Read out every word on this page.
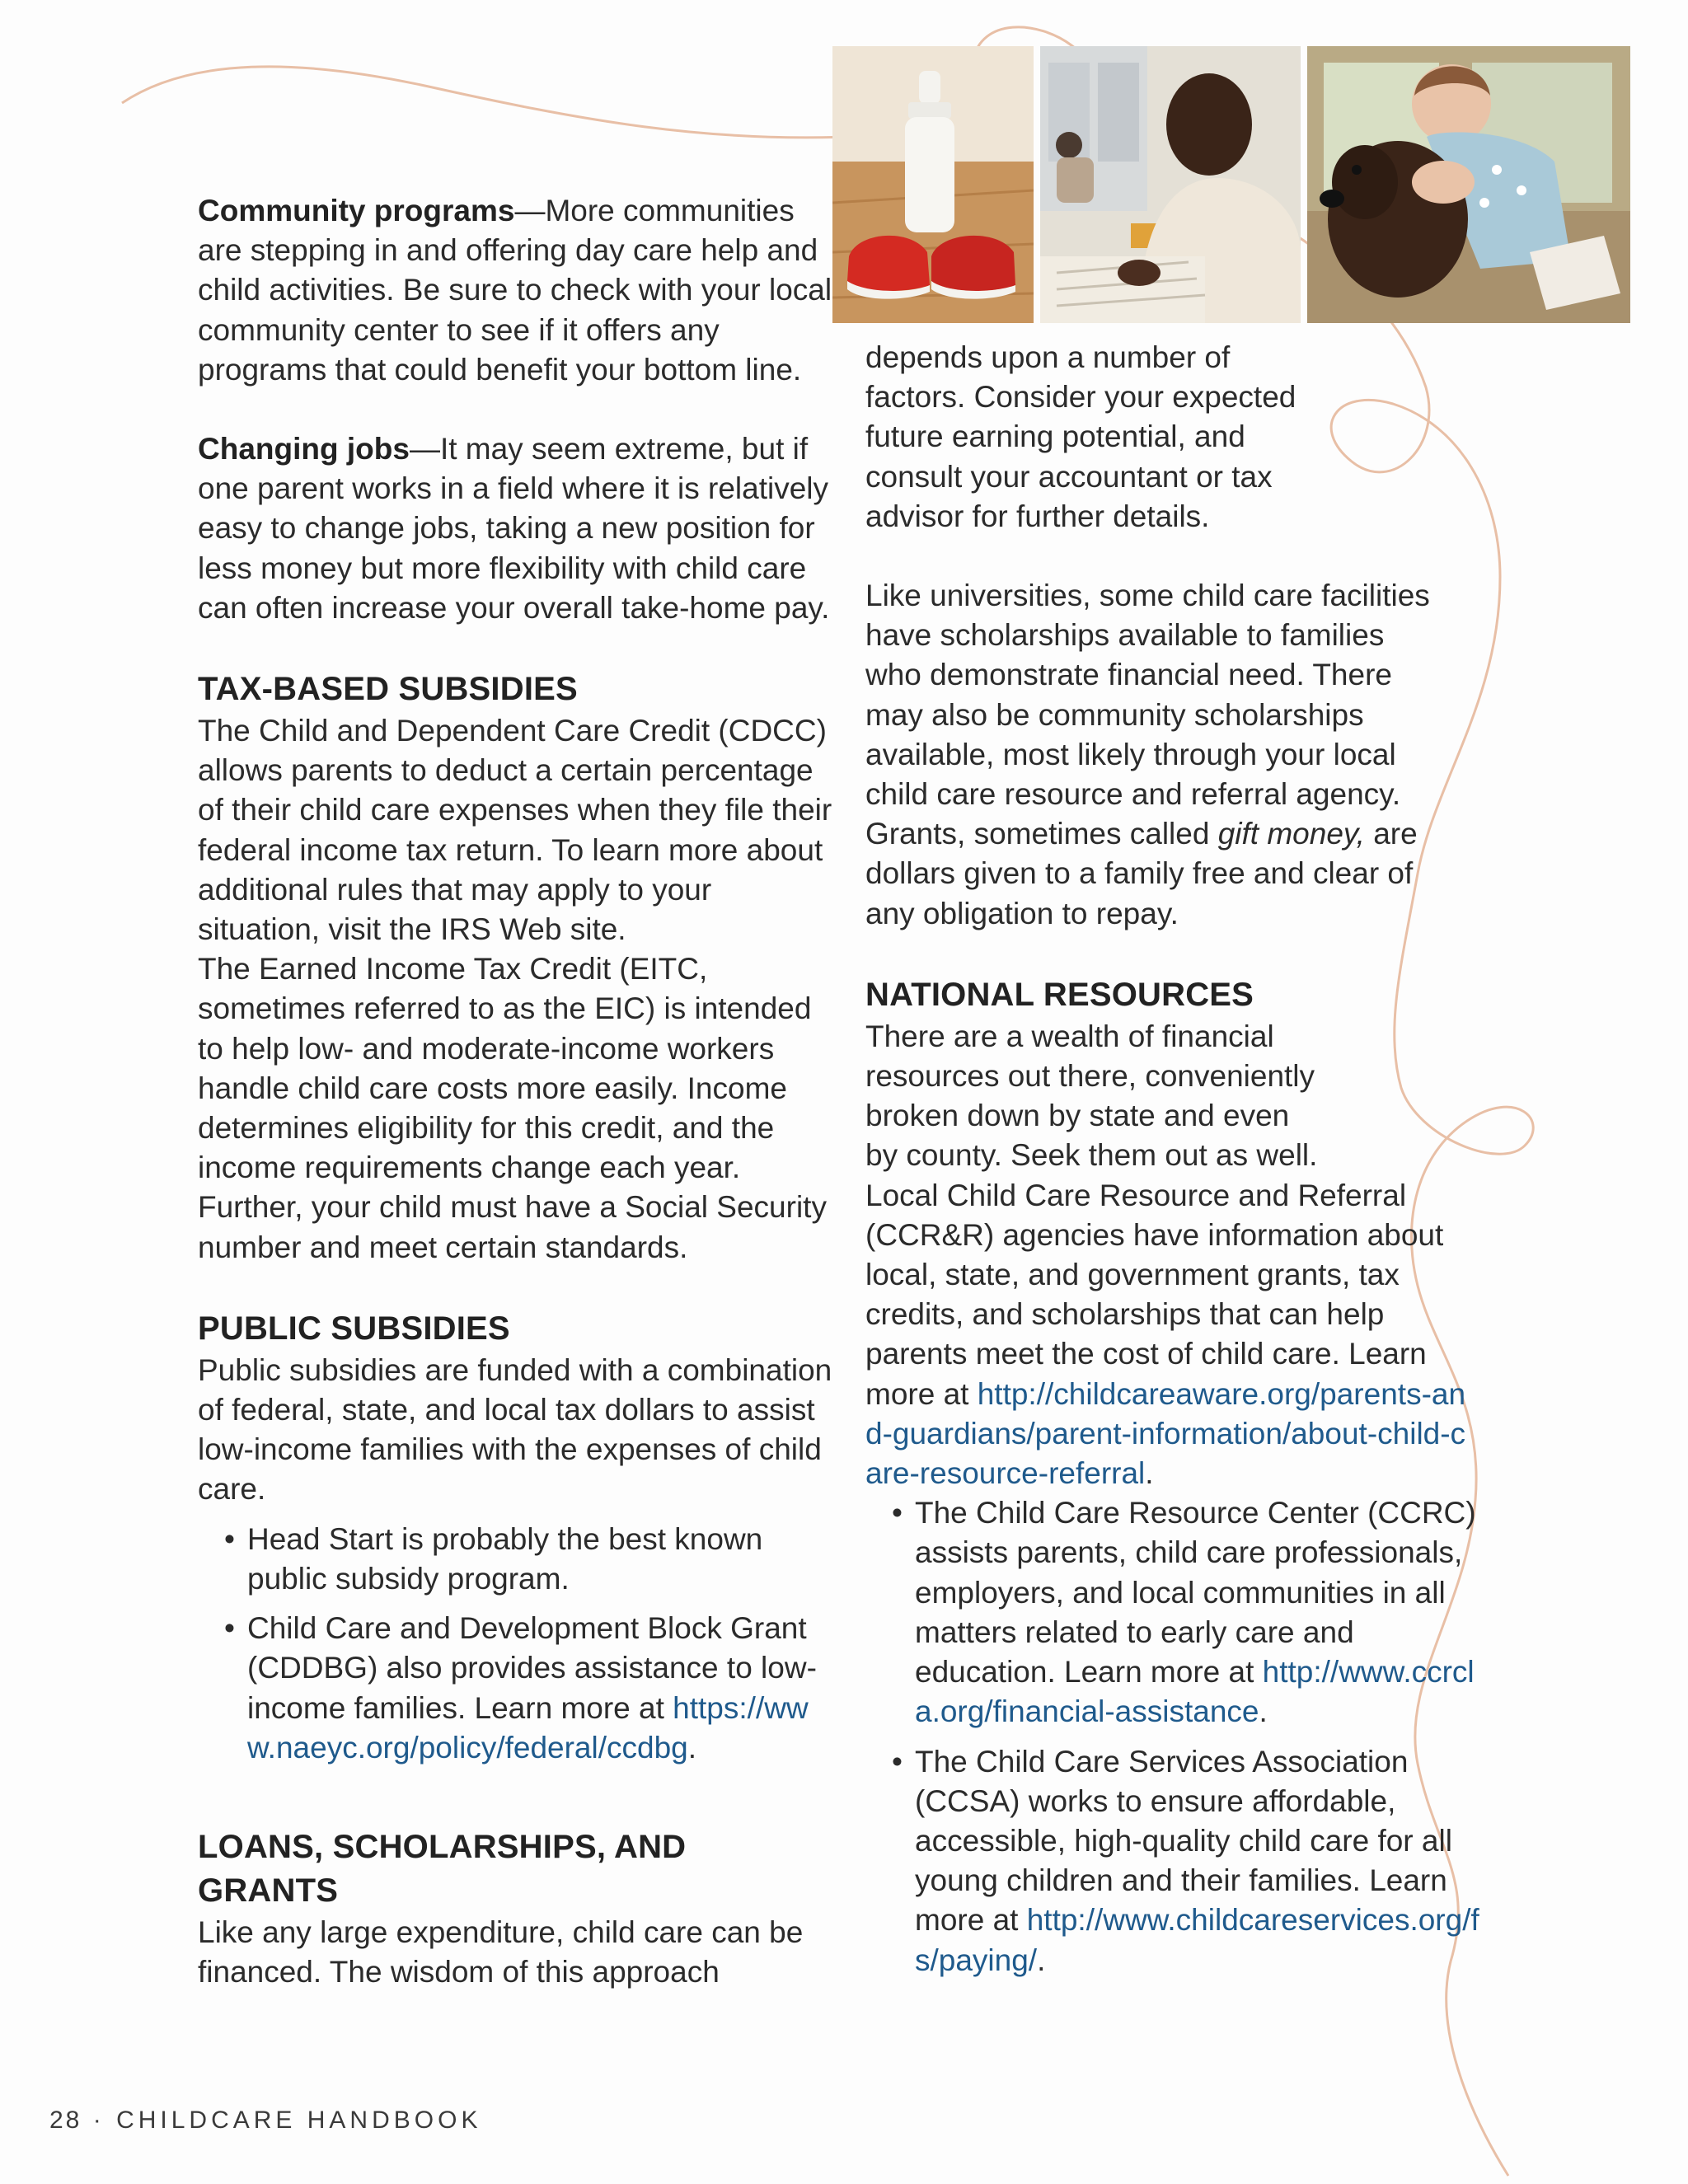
Community programs—More communities are stepping in and offering day care help and child activities. Be sure to check with your local community center to see if it offers any programs that could benefit your bottom line.

Changing jobs—It may seem extreme, but if one parent works in a field where it is relatively easy to change jobs, taking a new position for less money but more flexibility with child care can often increase your overall take-home pay.

TAX-BASED SUBSIDIES

The Child and Dependent Care Credit (CDCC) allows parents to deduct a certain percentage of their child care expenses when they file their federal income tax return. To learn more about additional rules that may apply to your situation, visit the IRS Web site.

The Earned Income Tax Credit (EITC, sometimes referred to as the EIC) is intended to help low- and moderate-income workers handle child care costs more easily. Income determines eligibility for this credit, and the income requirements change each year. Further, your child must have a Social Security number and meet certain standards.

PUBLIC SUBSIDIES

Public subsidies are funded with a combination of federal, state, and local tax dollars to assist low-income families with the expenses of child care.

• Head Start is probably the best known public subsidy program.
• Child Care and Development Block Grant (CDDBG) also provides assistance to low-income families. Learn more at https://www.naeyc.org/policy/federal/ccdbg.
LOANS, SCHOLARSHIPS, AND GRANTS

Like any large expenditure, child care can be financed. The wisdom of this approach

depends upon a number of factors. Consider your expected future earning potential, and consult your accountant or tax advisor for further details.

Like universities, some child care facilities have scholarships available to families who demonstrate financial need. There may also be community scholarships available, most likely through your local child care resource and referral agency. Grants, sometimes called gift money, are dollars given to a family free and clear of any obligation to repay.

NATIONAL RESOURCES

There are a wealth of financial resources out there, conveniently broken down by state and even by county. Seek them out as well.

Local Child Care Resource and Referral (CCR&R) agencies have information about local, state, and government grants, tax credits, and scholarships that can help parents meet the cost of child care. Learn more at http://childcareaware.org/parents-and-guardians/parent-information/about-child-care-resource-referral.

• The Child Care Resource Center (CCRC) assists parents, child care professionals, employers, and local communities in all matters related to early care and education. Learn more at http://www.ccrcla.org/financial-assistance.
• The Child Care Services Association (CCSA) works to ensure affordable, accessible, high-quality child care for all young children and their families. Learn more at http://www.childcareservices.org/fs/paying/.
28 · CHILDCARE HANDBOOK
